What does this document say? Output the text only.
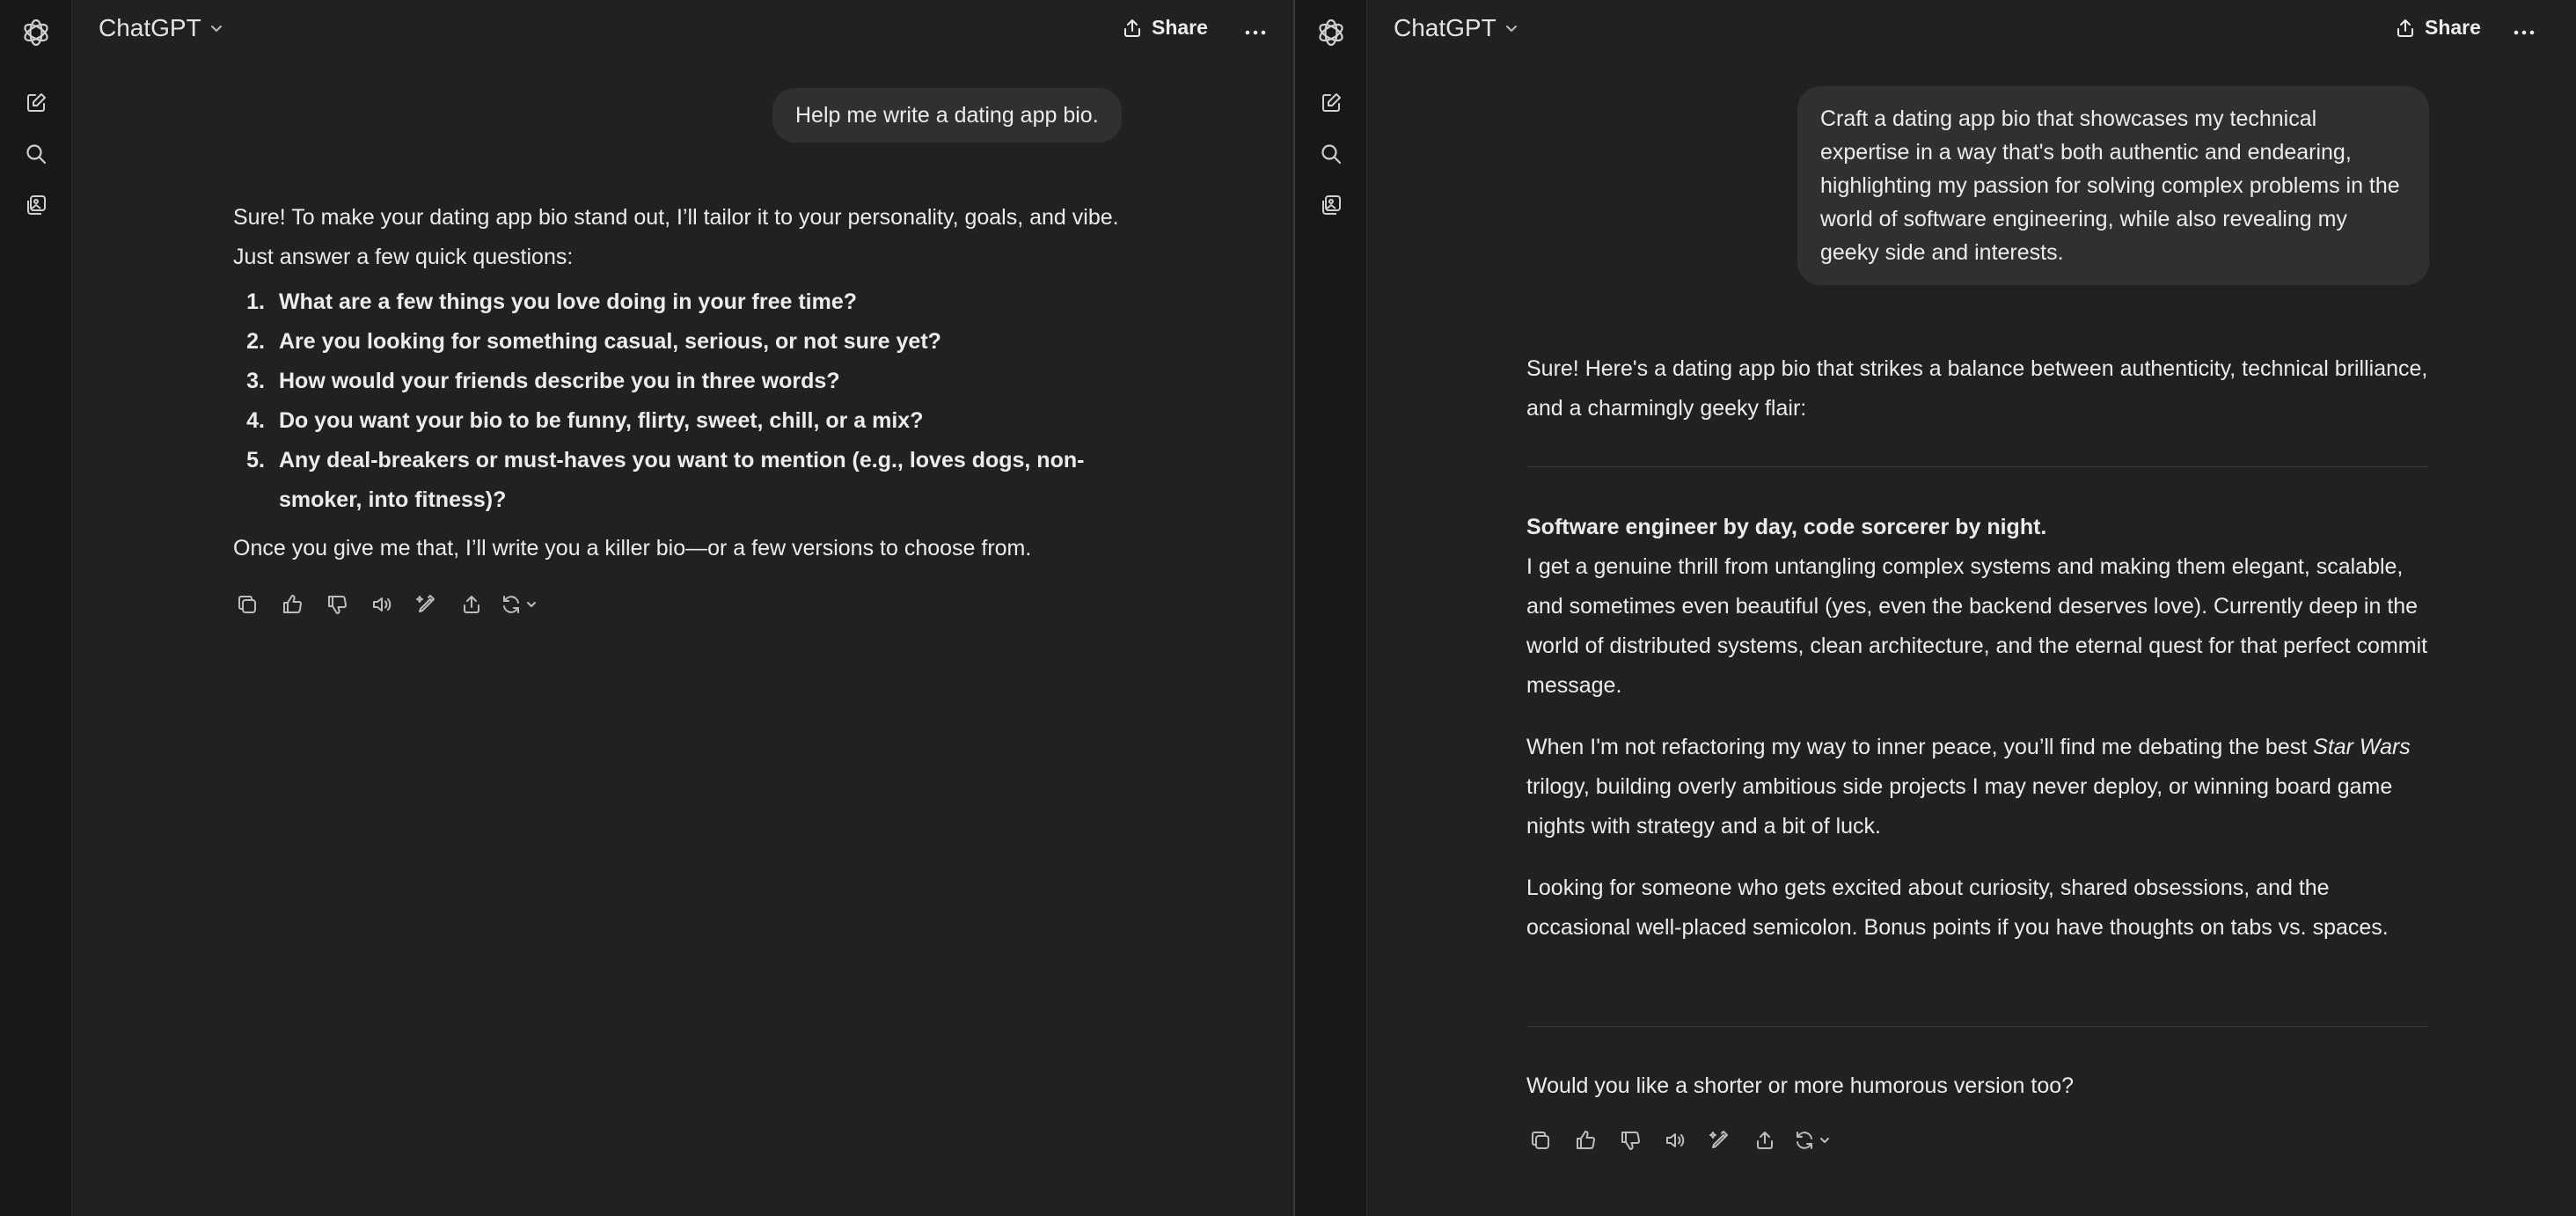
ChatGPT	Share
Help me write a dating app bio.

Sure! To make your dating app bio stand out, I’ll tailor it to your personality, goals, and vibe. Just answer a few quick questions:

1. What are a few things you love doing in your free time?
2. Are you looking for something casual, serious, or not sure yet?
3. How would your friends describe you in three words?
4. Do you want your bio to be funny, flirty, sweet, chill, or a mix?
5. Any deal-breakers or must-haves you want to mention (e.g., loves dogs, non-smoker, into fitness)?

Once you give me that, I’ll write you a killer bio—or a few versions to choose from.

ChatGPT	Share
Craft a dating app bio that showcases my technical expertise in a way that's both authentic and endearing, highlighting my passion for solving complex problems in the world of software engineering, while also revealing my geeky side and interests.

Sure! Here's a dating app bio that strikes a balance between authenticity, technical brilliance, and a charmingly geeky flair:

Software engineer by day, code sorcerer by night.

I get a genuine thrill from untangling complex systems and making them elegant, scalable, and sometimes even beautiful (yes, even the backend deserves love). Currently deep in the world of distributed systems, clean architecture, and the eternal quest for that perfect commit message.

When I'm not refactoring my way to inner peace, you’ll find me debating the best Star Wars trilogy, building overly ambitious side projects I may never deploy, or winning board game nights with strategy and a bit of luck.

Looking for someone who gets excited about curiosity, shared obsessions, and the occasional well-placed semicolon. Bonus points if you have thoughts on tabs vs. spaces.

Would you like a shorter or more humorous version too?
